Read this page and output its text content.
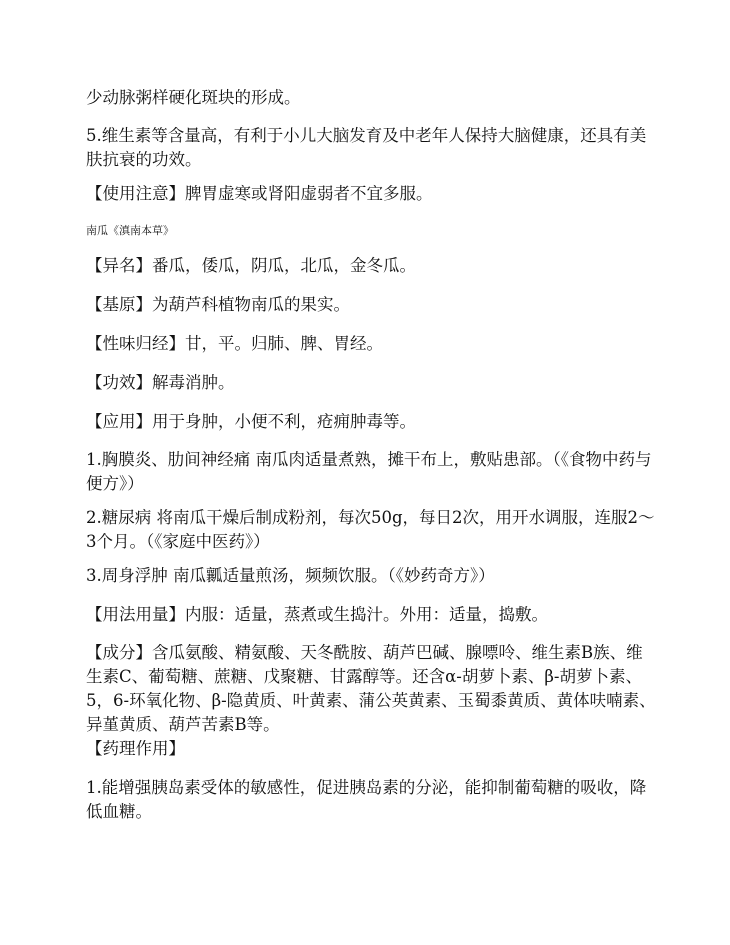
少动脉粥样硬化斑块的形成。

5.维生素等含量高，有利于小儿大脑发育及中老年人保持大脑健康，还具有美肤抗衰的功效。

【使用注意】脾胃虚寒或肾阳虚弱者不宜多服。

南瓜《滇南本草》

【异名】番瓜，倭瓜，阴瓜，北瓜，金冬瓜。

【基原】为葫芦科植物南瓜的果实。

【性味归经】甘，平。归肺、脾、胃经。

【功效】解毒消肿。

【应用】用于身肿，小便不利，疮痈肿毒等。

1.胸膜炎、肋间神经痛 南瓜肉适量煮熟，摊干布上，敷贴患部。（《食物中药与便方》）

2.糖尿病 将南瓜干燥后制成粉剂，每次50g，每日2次，用开水调服，连服2～3个月。（《家庭中医药》）

3.周身浮肿 南瓜瓤适量煎汤，频频饮服。（《妙药奇方》）

【用法用量】内服：适量，蒸煮或生捣汁。外用：适量，捣敷。

【成分】含瓜氨酸、精氨酸、天冬酰胺、葫芦巴碱、腺嘌呤、维生素B族、维生素C、葡萄糖、蔗糖、戊聚糖、甘露醇等。还含α-胡萝卜素、β-胡萝卜素、5，6-环氧化物、β-隐黄质、叶黄素、蒲公英黄素、玉蜀黍黄质、黄体呋喃素、异堇黄质、葫芦苦素B等。

【药理作用】

1.能增强胰岛素受体的敏感性，促进胰岛素的分泌，能抑制葡萄糖的吸收，降低血糖。
